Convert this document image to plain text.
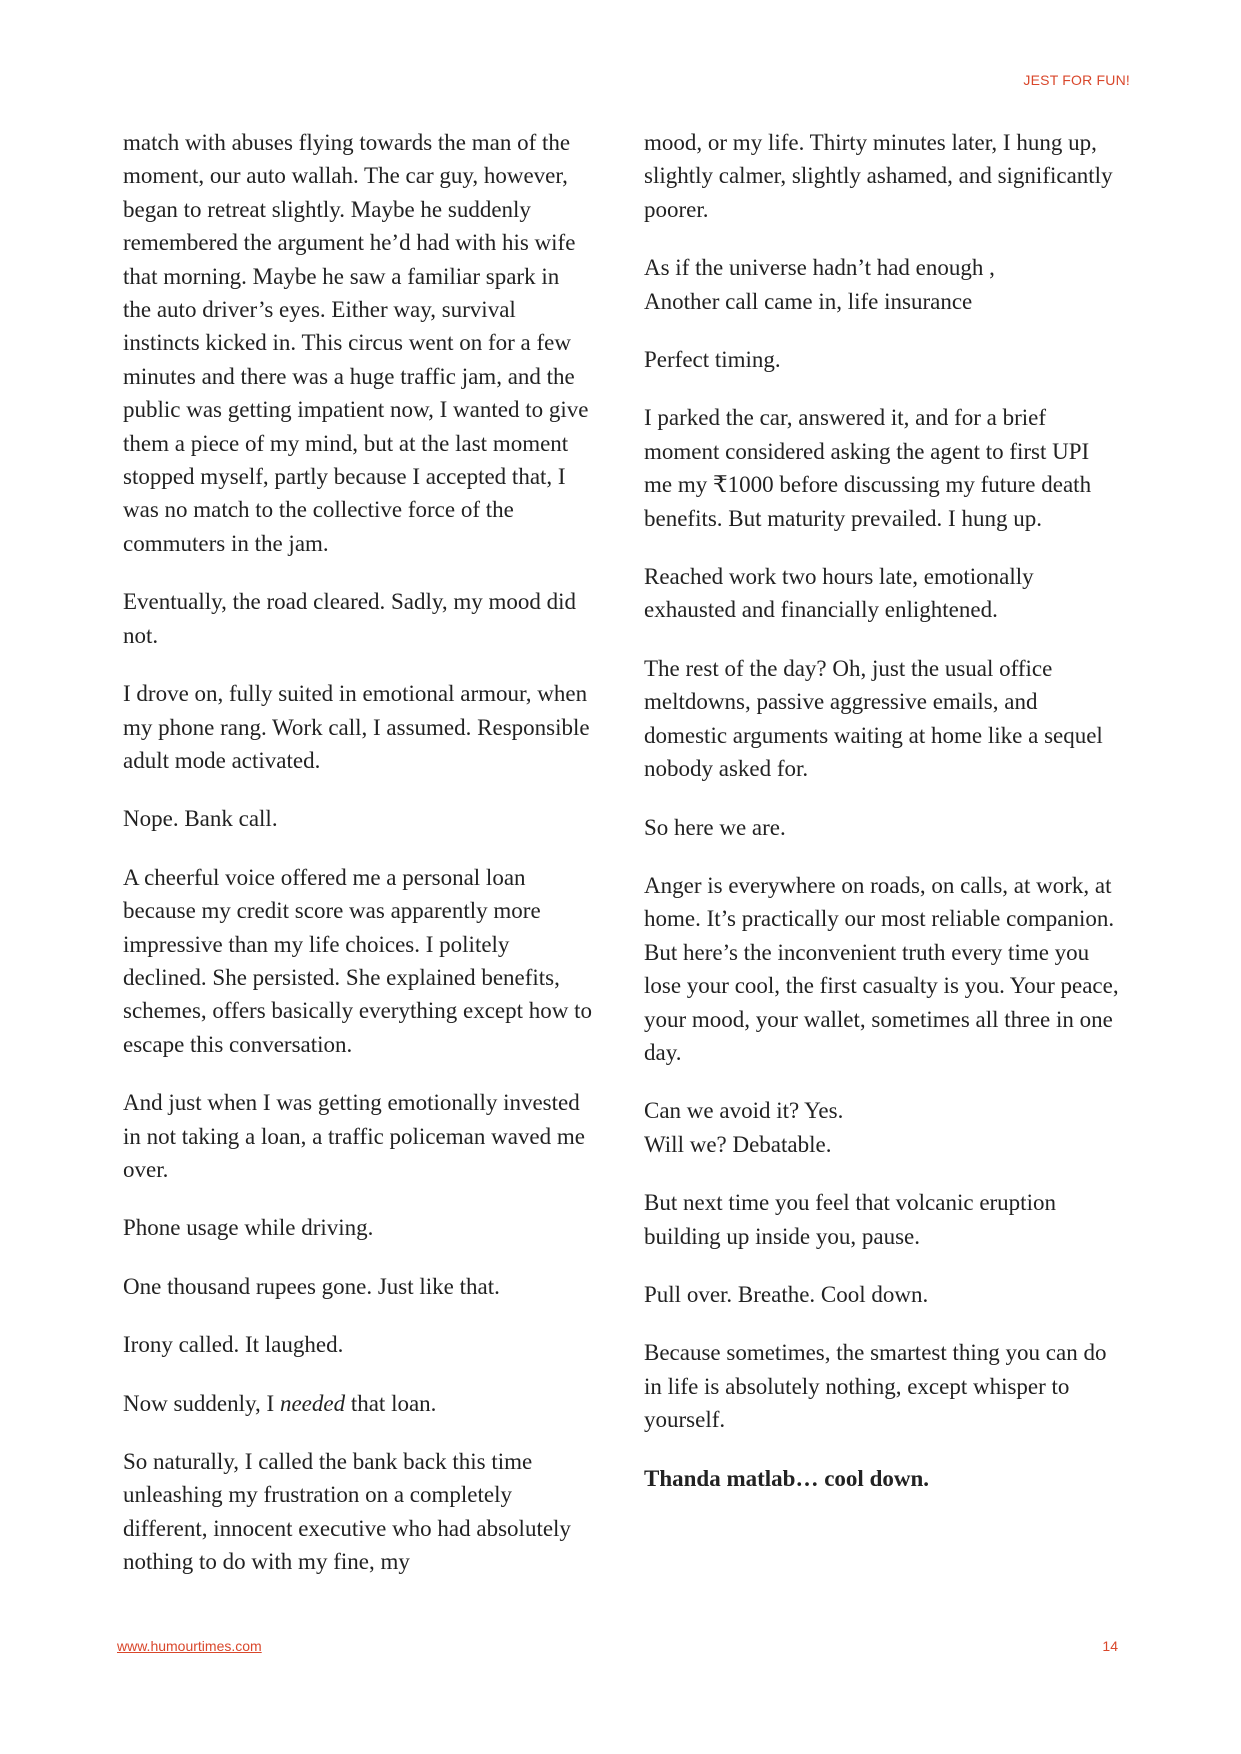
JEST FOR FUN!

match with abuses flying towards the man of the moment, our auto wallah. The car guy, however, began to retreat slightly. Maybe he suddenly remembered the argument he’d had with his wife that morning. Maybe he saw a familiar spark in the auto driver’s eyes. Either way, survival instincts kicked in. This circus went on for a few minutes and there was a huge traffic jam, and the public was getting impatient now, I wanted to give them a piece of my mind, but at the last moment stopped myself, partly because I accepted that, I was no match to the collective force of the commuters in the jam.

Eventually, the road cleared. Sadly, my mood did not.

I drove on, fully suited in emotional armour, when my phone rang. Work call, I assumed. Responsible adult mode activated.

Nope. Bank call.

A cheerful voice offered me a personal loan because my credit score was apparently more impressive than my life choices. I politely declined. She persisted. She explained benefits, schemes, offers basically everything except how to escape this conversation.

And just when I was getting emotionally invested in not taking a loan, a traffic policeman waved me over.

Phone usage while driving.

One thousand rupees gone. Just like that.

Irony called. It laughed.

Now suddenly, I needed that loan.

So naturally, I called the bank back this time unleashing my frustration on a completely different, innocent executive who had absolutely nothing to do with my fine, my

mood, or my life. Thirty minutes later, I hung up, slightly calmer, slightly ashamed, and significantly poorer.

As if the universe hadn’t had enough ,

Another call came in, life insurance

Perfect timing.

I parked the car, answered it, and for a brief moment considered asking the agent to first UPI me my ₹1000 before discussing my future death benefits. But maturity prevailed. I hung up.

Reached work two hours late, emotionally exhausted and financially enlightened.

The rest of the day? Oh, just the usual office meltdowns, passive aggressive emails, and domestic arguments waiting at home like a sequel nobody asked for.

So here we are.

Anger is everywhere on roads, on calls, at work, at home. It’s practically our most reliable companion. But here’s the inconvenient truth every time you lose your cool, the first casualty is you. Your peace, your mood, your wallet, sometimes all three in one day.

Can we avoid it? Yes.

Will we? Debatable.

But next time you feel that volcanic eruption building up inside you, pause.

Pull over. Breathe. Cool down.

Because sometimes, the smartest thing you can do in life is absolutely nothing, except whisper to yourself.

Thanda matlab… cool down.

www.humourtimes.com	14
